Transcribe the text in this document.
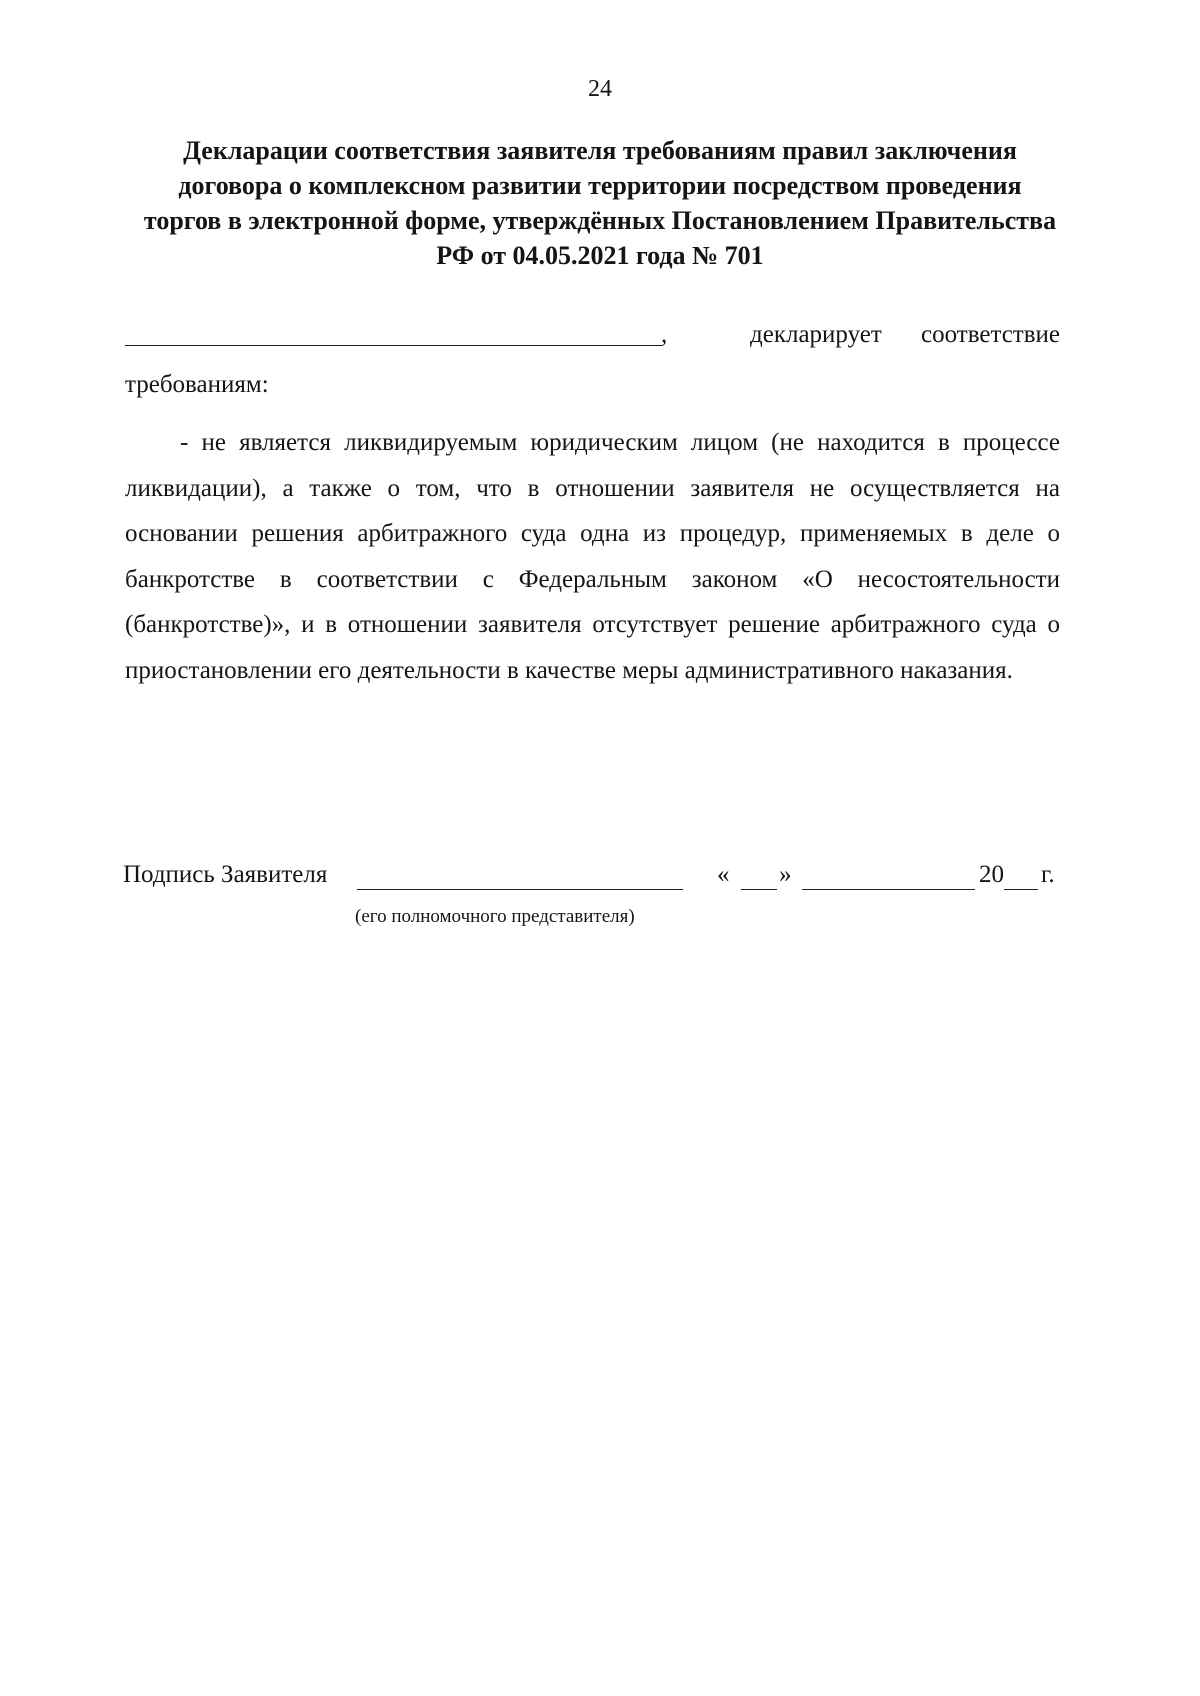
24
Декларации соответствия заявителя требованиям правил заключения
договора о комплексном развитии территории посредством проведения
торгов в электронной форме, утверждённых Постановлением Правительства
РФ от 04.05.2021 года № 701
,	декларирует соответствие
требованиям:

- не является ликвидируемым юридическим лицом (не находится в процессе ликвидации), а также о том, что в отношении заявителя не осуществляется на основании решения арбитражного суда одна из процедур, применяемых в деле о банкротстве в соответствии с Федеральным законом «О несостоятельности (банкротстве)», и в отношении заявителя отсутствует решение арбитражного суда о приостановлении его деятельности в качестве меры административного наказания.

Подпись Заявителя	« »	20 г.
(его полномочного представителя)
